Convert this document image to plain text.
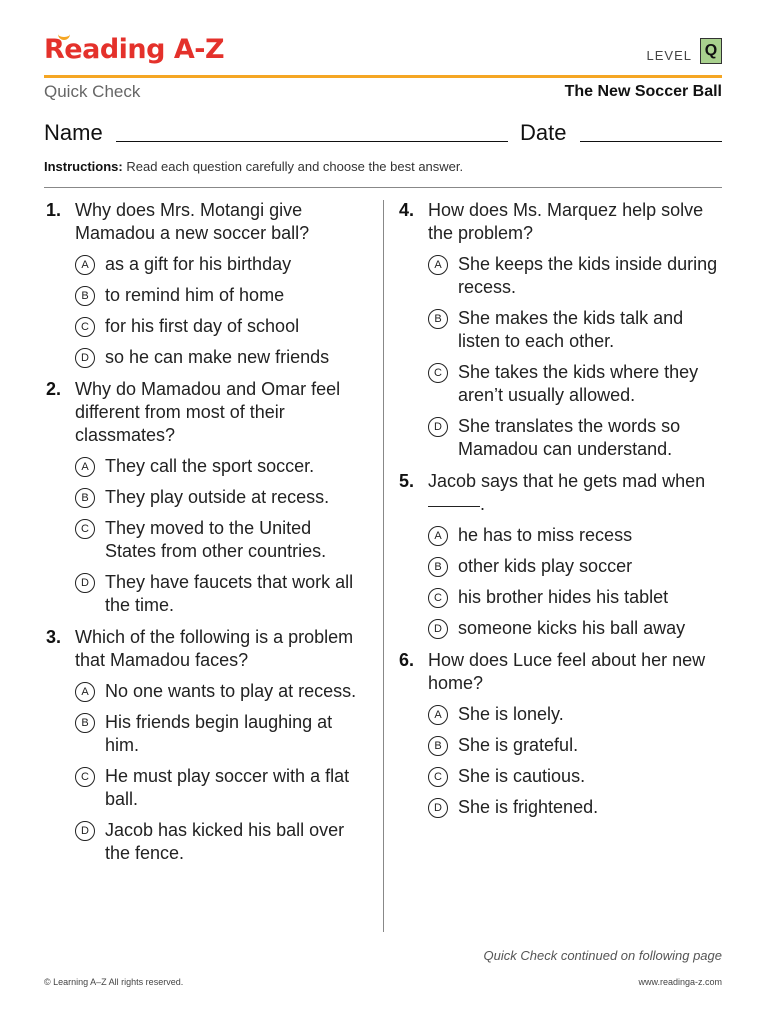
Reading A-Z	LEVEL Q
Quick Check	The New Soccer Ball
Name	Date
Instructions: Read each question carefully and choose the best answer.
1. Why does Mrs. Motangi give Mamadou a new soccer ball?
A as a gift for his birthday
B to remind him of home
C for his first day of school
D so he can make new friends
2. Why do Mamadou and Omar feel different from most of their classmates?
A They call the sport soccer.
B They play outside at recess.
C They moved to the United States from other countries.
D They have faucets that work all the time.
3. Which of the following is a problem that Mamadou faces?
A No one wants to play at recess.
B His friends begin laughing at him.
C He must play soccer with a flat ball.
D Jacob has kicked his ball over the fence.
4. How does Ms. Marquez help solve the problem?
A She keeps the kids inside during recess.
B She makes the kids talk and listen to each other.
C She takes the kids where they aren’t usually allowed.
D She translates the words so Mamadou can understand.
5. Jacob says that he gets mad when .
A he has to miss recess
B other kids play soccer
C his brother hides his tablet
D someone kicks his ball away
6. How does Luce feel about her new home?
A She is lonely.
B She is grateful.
C She is cautious.
D She is frightened.
Quick Check continued on following page
© Learning A–Z All rights reserved.	www.readinga-z.com
